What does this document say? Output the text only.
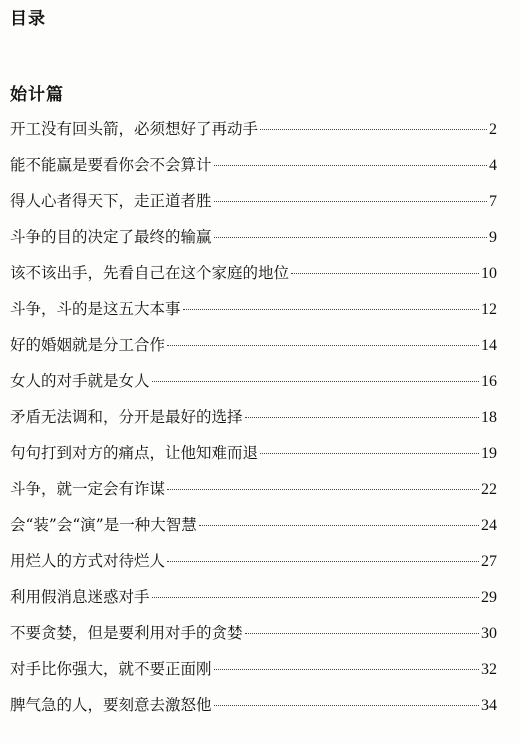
目录
始计篇
开工没有回头箭，必须想好了再动手	2
能不能赢是要看你会不会算计	4
得人心者得天下，走正道者胜	7
斗争的目的决定了最终的输赢	9
该不该出手，先看自己在这个家庭的地位	10
斗争，斗的是这五大本事	12
好的婚姻就是分工合作	14
女人的对手就是女人	16
矛盾无法调和，分开是最好的选择	18
句句打到对方的痛点，让他知难而退	19
斗争，就一定会有诈谋	22
会“装”会“演”是一种大智慧	24
用烂人的方式对待烂人	27
利用假消息迷惑对手	29
不要贪婪，但是要利用对手的贪婪	30
对手比你强大，就不要正面刚	32
脾气急的人，要刻意去激怒他	34
